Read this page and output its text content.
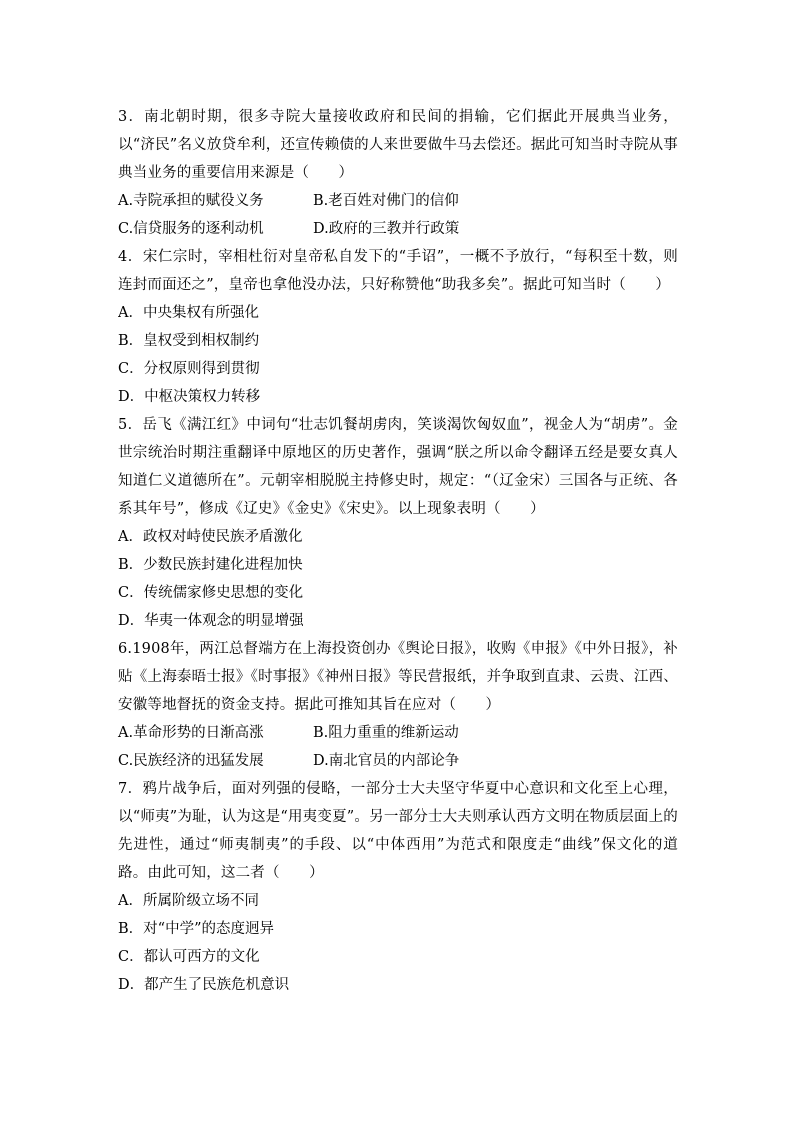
3．南北朝时期，很多寺院大量接收政府和民间的捐输，它们据此开展典当业务，以“济民”名义放贷牟利，还宣传赖债的人来世要做牛马去偿还。据此可知当时寺院从事典当业务的重要信用来源是（　　）
A.寺院承担的赋役义务	B.老百姓对佛门的信仰
C.信贷服务的逐利动机	D.政府的三教并行政策
4．宋仁宗时，宰相杜衍对皇帝私自发下的“手诏”，一概不予放行，“每积至十数，则连封而面还之”，皇帝也拿他没办法，只好称赞他“助我多矣”。据此可知当时（　　）
A．中央集权有所强化
B．皇权受到相权制约
C．分权原则得到贯彻
D．中枢决策权力转移
5．岳飞《满江红》中词句“壮志饥餐胡虏肉，笑谈渴饮匈奴血”，视金人为“胡虏”。金世宗统治时期注重翻译中原地区的历史著作，强调“朕之所以命令翻译五经是要女真人知道仁义道德所在”。元朝宰相脱脱主持修史时，规定：“（辽金宋）三国各与正统、各系其年号”，修成《辽史》《金史》《宋史》。以上现象表明（　　）
A．政权对峙使民族矛盾激化
B．少数民族封建化进程加快
C．传统儒家修史思想的变化
D．华夷一体观念的明显增强
6.1908年，两江总督端方在上海投资创办《舆论日报》，收购《申报》《中外日报》，补贴《上海泰晤士报》《时事报》《神州日报》等民营报纸，并争取到直隶、云贵、江西、安徽等地督抚的资金支持。据此可推知其旨在应对（　　）
A.革命形势的日渐高涨	B.阻力重重的维新运动
C.民族经济的迅猛发展	D.南北官员的内部论争
7．鸦片战争后，面对列强的侵略，一部分士大夫坚守华夏中心意识和文化至上心理，以“师夷”为耻，认为这是“用夷变夏”。另一部分士大夫则承认西方文明在物质层面上的先进性，通过“师夷制夷”的手段、以“中体西用”为范式和限度走“曲线”保文化的道路。由此可知，这二者（　　）
A．所属阶级立场不同
B．对“中学”的态度迥异
C．都认可西方的文化
D．都产生了民族危机意识
